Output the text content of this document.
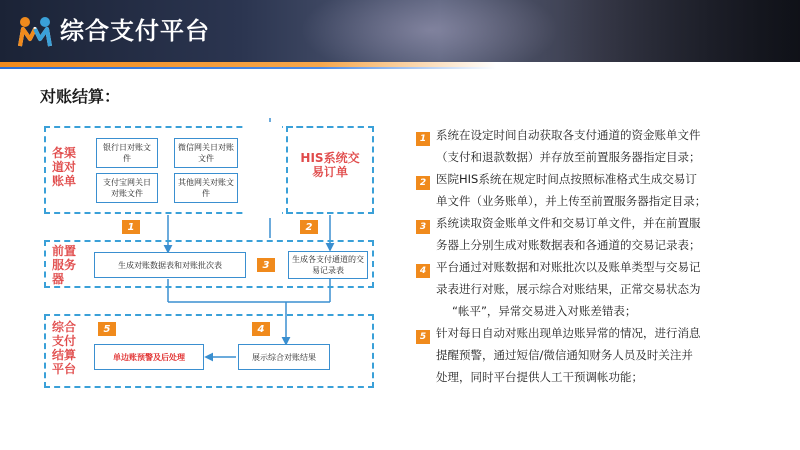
综合支付平台
对账结算：
各渠道对账单
银行日对账文件
微信网关日对账文件
支付宝网关日对账文件
其他网关对账文件
HIS系统交易订单
1	2
前置服务器
生成对账数据表和对账批次表	3	生成各支付通道的交易记录表
综合支付结算平台
5	4
单边账预警及后处理	展示综合对账结果
1 系统在设定时间自动获取各支付通道的资金账单文件
（支付和退款数据）并存放至前置服务器指定目录；
2 医院HIS系统在规定时间点按照标准格式生成交易订
单文件（业务账单），并上传至前置服务器指定目录；
3 系统读取资金账单文件和交易订单文件，并在前置服
务器上分别生成对账数据表和各通道的交易记录表；
4 平台通过对账数据和对账批次以及账单类型与交易记
录表进行对账，展示综合对账结果，正常交易状态为
“帐平”，异常交易进入对账差错表；
5 针对每日自动对账出现单边账异常的情况，进行消息
提醒预警，通过短信/微信通知财务人员及时关注并
处理，同时平台提供人工干预调帐功能；
